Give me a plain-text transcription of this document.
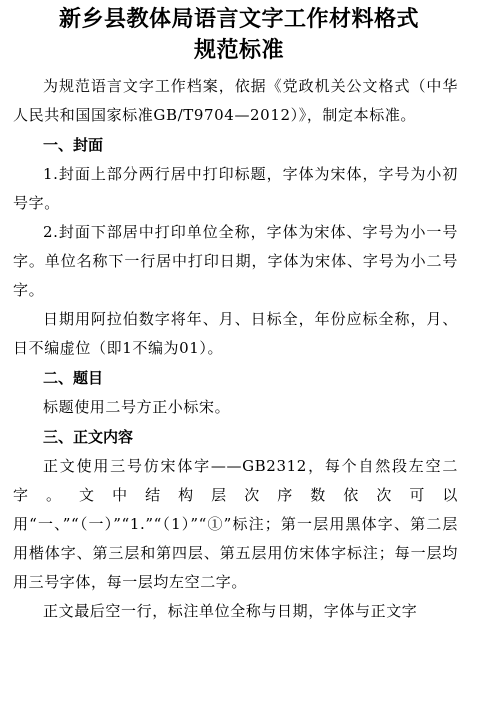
新乡县教体局语言文字工作材料格式
规范标准

为规范语言文字工作档案，依据《党政机关公文格式（中华人民共和国国家标准GB/T9704—2012）》，制定本标准。

一、封面

1.封面上部分两行居中打印标题，字体为宋体，字号为小初号字。

2.封面下部居中打印单位全称，字体为宋体、字号为小一号字。单位名称下一行居中打印日期，字体为宋体、字号为小二号字。

日期用阿拉伯数字将年、月、日标全，年份应标全称，月、日不编虚位（即1不编为01）。

二、题目

标题使用二号方正小标宋。

三、正文内容

正文使用三号仿宋体字——GB2312，每个自然段左空二字。文中结构层次序数依次可以用“一、”“（一）”“1.”“（1）”“①”标注；第一层用黑体字、第二层用楷体字、第三层和第四层、第五层用仿宋体字标注；每一层均用三号字体，每一层均左空二字。

正文最后空一行，标注单位全称与日期，字体与正文字
